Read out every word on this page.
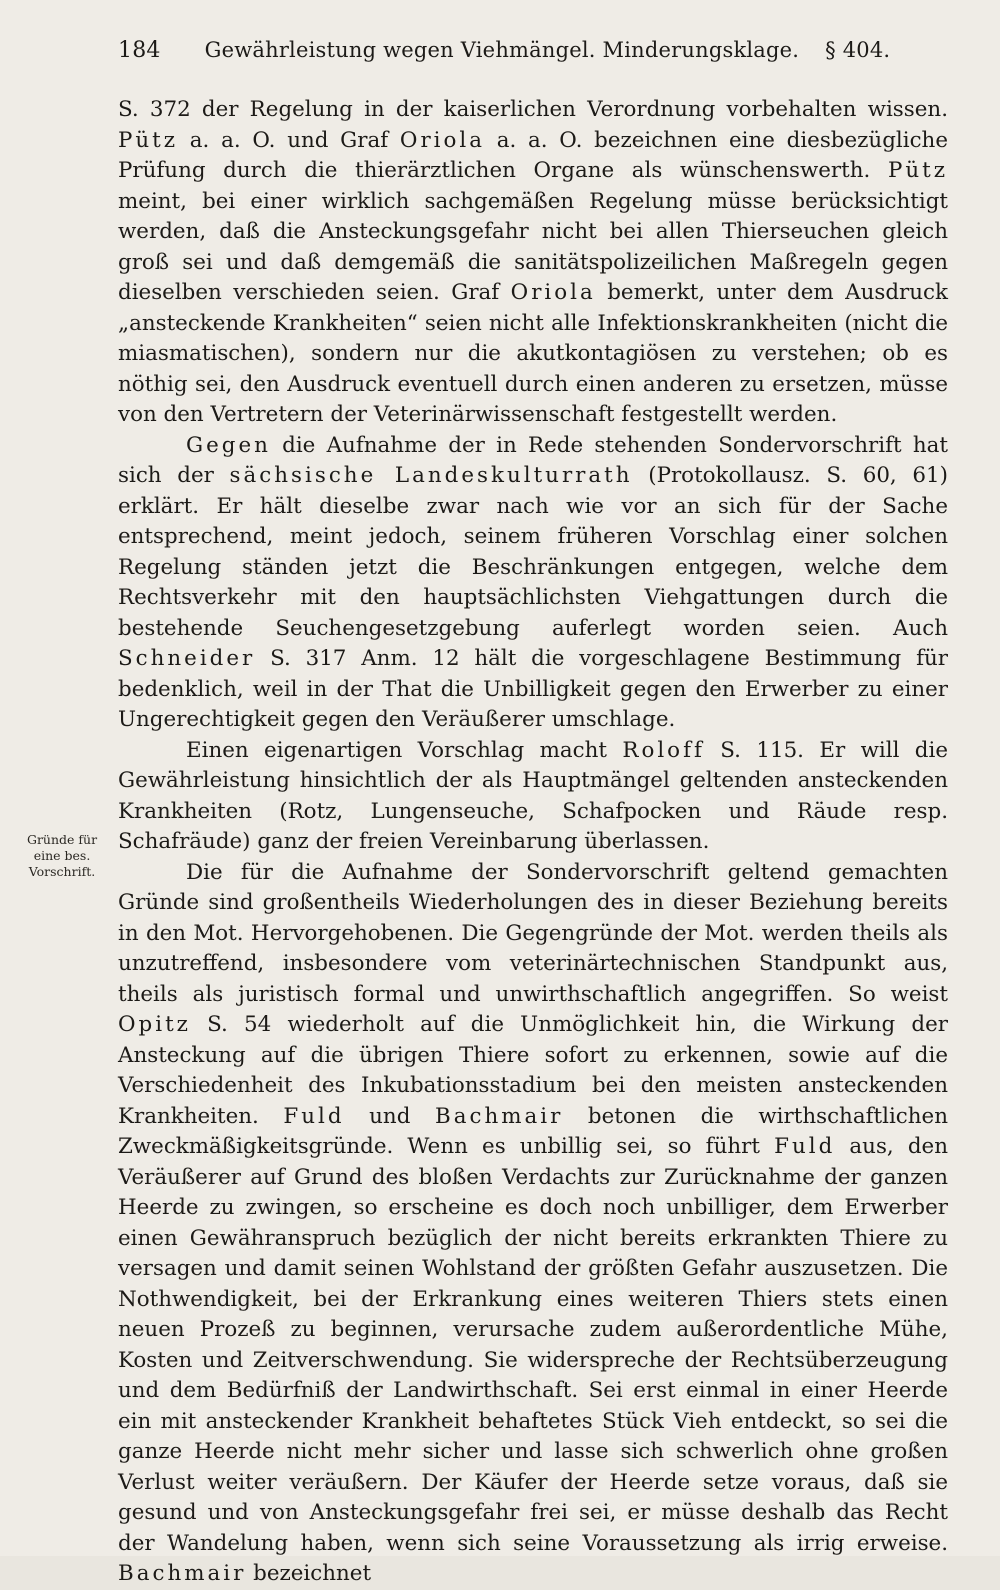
184 Gewährleistung wegen Viehmängel. Minderungsklage. § 404.
Gründe für eine bes. Vorschrift.

S. 372 der Regelung in der kaiserlichen Verordnung vorbehalten wissen. Pütz a. a. O. und Graf Oriola a. a. O. bezeichnen eine diesbezügliche Prüfung durch die thierärztlichen Organe als wünschenswerth. Pütz meint, bei einer wirklich sachgemäßen Regelung müsse berücksichtigt werden, daß die Ansteckungsgefahr nicht bei allen Thierseuchen gleich groß sei und daß demgemäß die sanitätspolizeilichen Maßregeln gegen dieselben verschieden seien. Graf Oriola bemerkt, unter dem Ausdruck „ansteckende Krankheiten“ seien nicht alle Infektionskrankheiten (nicht die miasmatischen), sondern nur die akutkontagiösen zu verstehen; ob es nöthig sei, den Ausdruck eventuell durch einen anderen zu ersetzen, müsse von den Vertretern der Veterinärwissenschaft festgestellt werden.

Gegen die Aufnahme der in Rede stehenden Sondervorschrift hat sich der sächsische Landeskulturrath (Protokollausz. S. 60, 61) erklärt. Er hält dieselbe zwar nach wie vor an sich für der Sache entsprechend, meint jedoch, seinem früheren Vorschlag einer solchen Regelung ständen jetzt die Beschränkungen entgegen, welche dem Rechtsverkehr mit den hauptsächlichsten Viehgattungen durch die bestehende Seuchengesetzgebung auferlegt worden seien. Auch Schneider S. 317 Anm. 12 hält die vorgeschlagene Bestimmung für bedenklich, weil in der That die Unbilligkeit gegen den Erwerber zu einer Ungerechtigkeit gegen den Veräußerer umschlage.

Einen eigenartigen Vorschlag macht Roloff S. 115. Er will die Gewährleistung hinsichtlich der als Hauptmängel geltenden ansteckenden Krankheiten (Rotz, Lungenseuche, Schafpocken und Räude resp. Schafräude) ganz der freien Vereinbarung überlassen.

Die für die Aufnahme der Sondervorschrift geltend gemachten Gründe sind großentheils Wiederholungen des in dieser Beziehung bereits in den Mot. Hervorgehobenen. Die Gegengründe der Mot. werden theils als unzutreffend, insbesondere vom veterinärtechnischen Standpunkt aus, theils als juristisch formal und unwirthschaftlich angegriffen. So weist Opitz S. 54 wiederholt auf die Unmöglichkeit hin, die Wirkung der Ansteckung auf die übrigen Thiere sofort zu erkennen, sowie auf die Verschiedenheit des Inkubationsstadium bei den meisten ansteckenden Krankheiten. Fuld und Bachmair betonen die wirthschaftlichen Zweckmäßigkeitsgründe. Wenn es unbillig sei, so führt Fuld aus, den Veräußerer auf Grund des bloßen Verdachts zur Zurücknahme der ganzen Heerde zu zwingen, so erscheine es doch noch unbilliger, dem Erwerber einen Gewähranspruch bezüglich der nicht bereits erkrankten Thiere zu versagen und damit seinen Wohlstand der größten Gefahr auszusetzen. Die Nothwendigkeit, bei der Erkrankung eines weiteren Thiers stets einen neuen Prozeß zu beginnen, verursache zudem außerordentliche Mühe, Kosten und Zeitverschwendung. Sie widerspreche der Rechtsüberzeugung und dem Bedürfniß der Landwirthschaft. Sei erst einmal in einer Heerde ein mit ansteckender Krankheit behaftetes Stück Vieh entdeckt, so sei die ganze Heerde nicht mehr sicher und lasse sich schwerlich ohne großen Verlust weiter veräußern. Der Käufer der Heerde setze voraus, daß sie gesund und von Ansteckungsgefahr frei sei, er müsse deshalb das Recht der Wandelung haben, wenn sich seine Voraussetzung als irrig erweise. Bachmair bezeichnet
